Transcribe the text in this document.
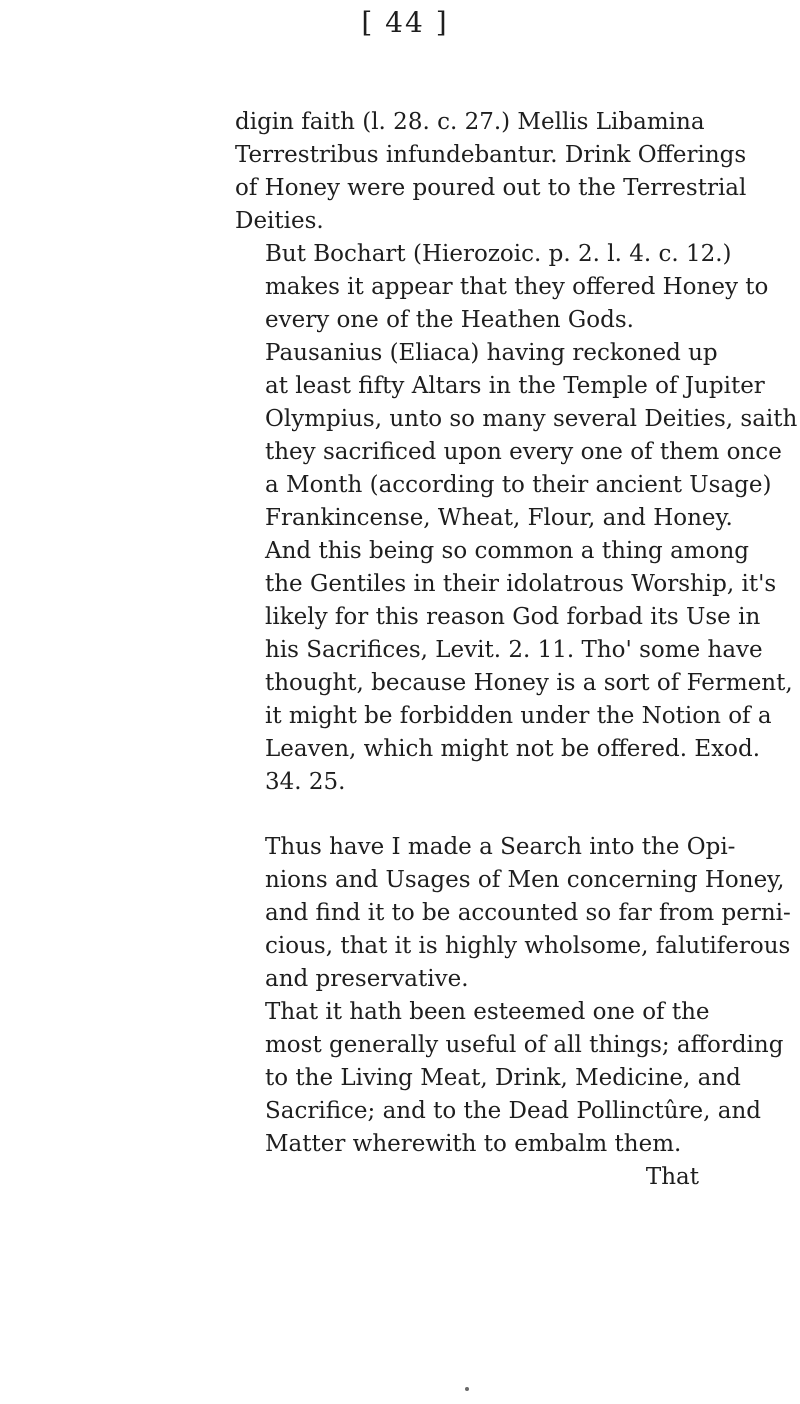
[ 44 ]

digin faith (l. 28. c. 27.) Mellis Libamina
Terrestribus infundebantur. Drink Offerings
of Honey were poured out to the Terrestrial
Deities.

But Bochart (Hierozoic. p. 2. l. 4. c. 12.)
makes it appear that they offered Honey to
every one of the Heathen Gods.

Pausanius (Eliaca) having reckoned up
at least fifty Altars in the Temple of Jupiter
Olympius, unto so many several Deities, saith
they sacrificed upon every one of them once
a Month (according to their ancient Usage)
Frankincense, Wheat, Flour, and Honey.

And this being so common a thing among
the Gentiles in their idolatrous Worship, it's
likely for this reason God forbad its Use in
his Sacrifices, Levit. 2. 11. Tho' some have
thought, because Honey is a sort of Ferment,
it might be forbidden under the Notion of a
Leaven, which might not be offered. Exod.
34. 25.

Thus have I made a Search into the Opi-
nions and Usages of Men concerning Honey,
and find it to be accounted so far from perni-
cious, that it is highly wholsome, falutiferous
and preservative.

That it hath been esteemed one of the
most generally useful of all things; affording
to the Living Meat, Drink, Medicine, and
Sacrifice; and to the Dead Pollinctûre, and
Matter wherewith to embalm them.

That
